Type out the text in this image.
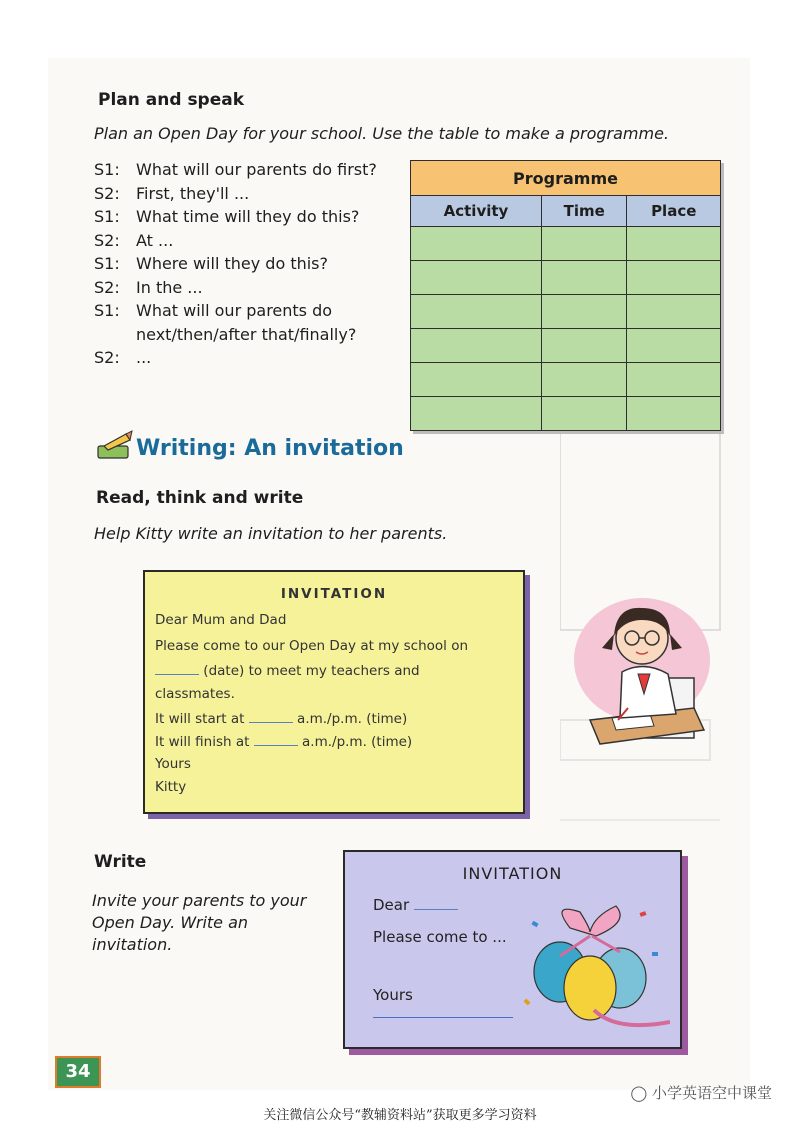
Plan and speak
Plan an Open Day for your school. Use the table to make a programme.
S1:	What will our parents do first?
S2:	First, they'll ...
S1:	What time will they do this?
S2:	At ...
S1:	Where will they do this?
S2:	In the ...
S1:	What will our parents do
next/then/after that/finally?
S2:	...
Programme		
Activity	Time	Place

Writing: An invitation
Read, think and write
Help Kitty write an invitation to her parents.
INVITATION
Dear Mum and Dad
Please come to our Open Day at my school on
(date) to meet my teachers and
classmates.
It will start at	a.m./p.m. (time)
It will finish at	a.m./p.m. (time)
Yours
Kitty
Write
Invite your parents to your
Open Day. Write an
invitation.
INVITATION
Dear
Please come to ...
Yours
34
◯ 小学英语空中课堂
关注微信公众号“教辅资料站”获取更多学习资料
